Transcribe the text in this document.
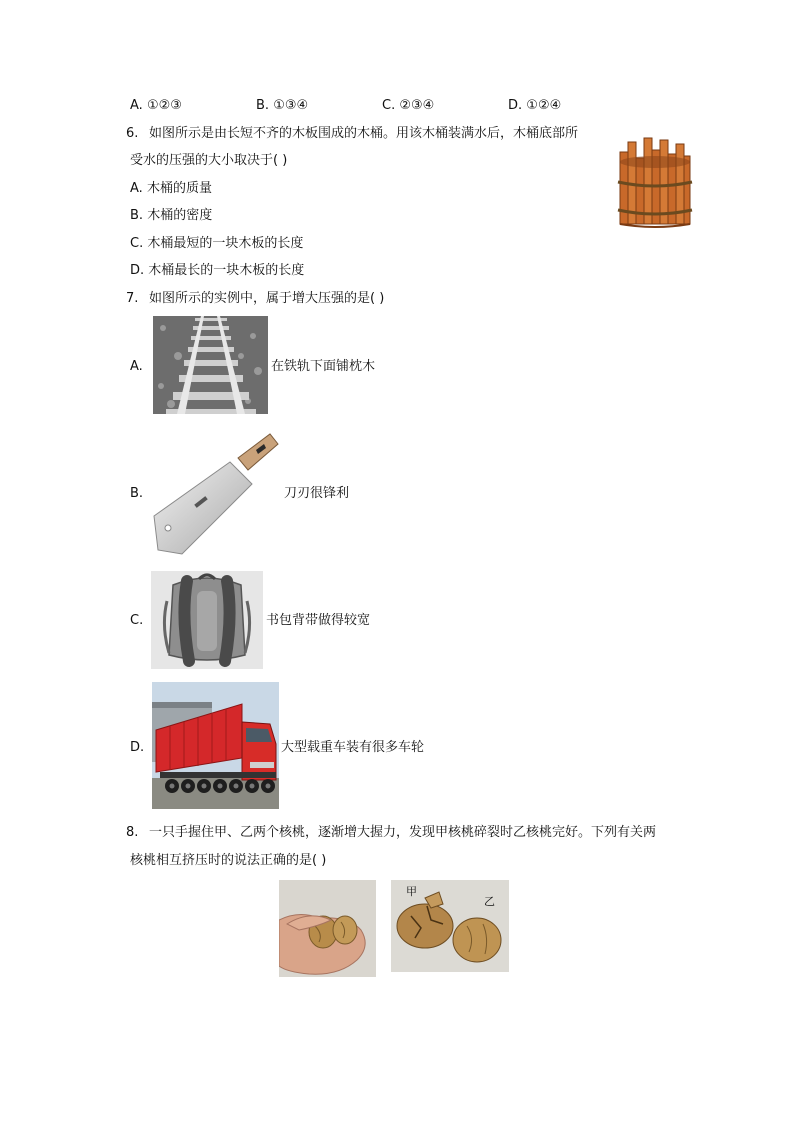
A. ①②③	B. ①③④	C. ②③④	D. ①②④
6. 如图所示是由长短不齐的木板围成的木桶。用该木桶装满水后，木桶底部所
受水的压强的大小取决于( )
A. 木桶的质量
B. 木桶的密度
C. 木桶最短的一块木板的长度
D. 木桶最长的一块木板的长度
7. 如图所示的实例中，属于增大压强的是( )
A.	在铁轨下面铺枕木
B.	刀刃很锋利
C.	书包背带做得较宽
D.	大型载重车装有很多车轮
8. 一只手握住甲、乙两个核桃，逐渐增大握力，发现甲核桃碎裂时乙核桃完好。下列有关两
核桃相互挤压时的说法正确的是( )
甲
乙
